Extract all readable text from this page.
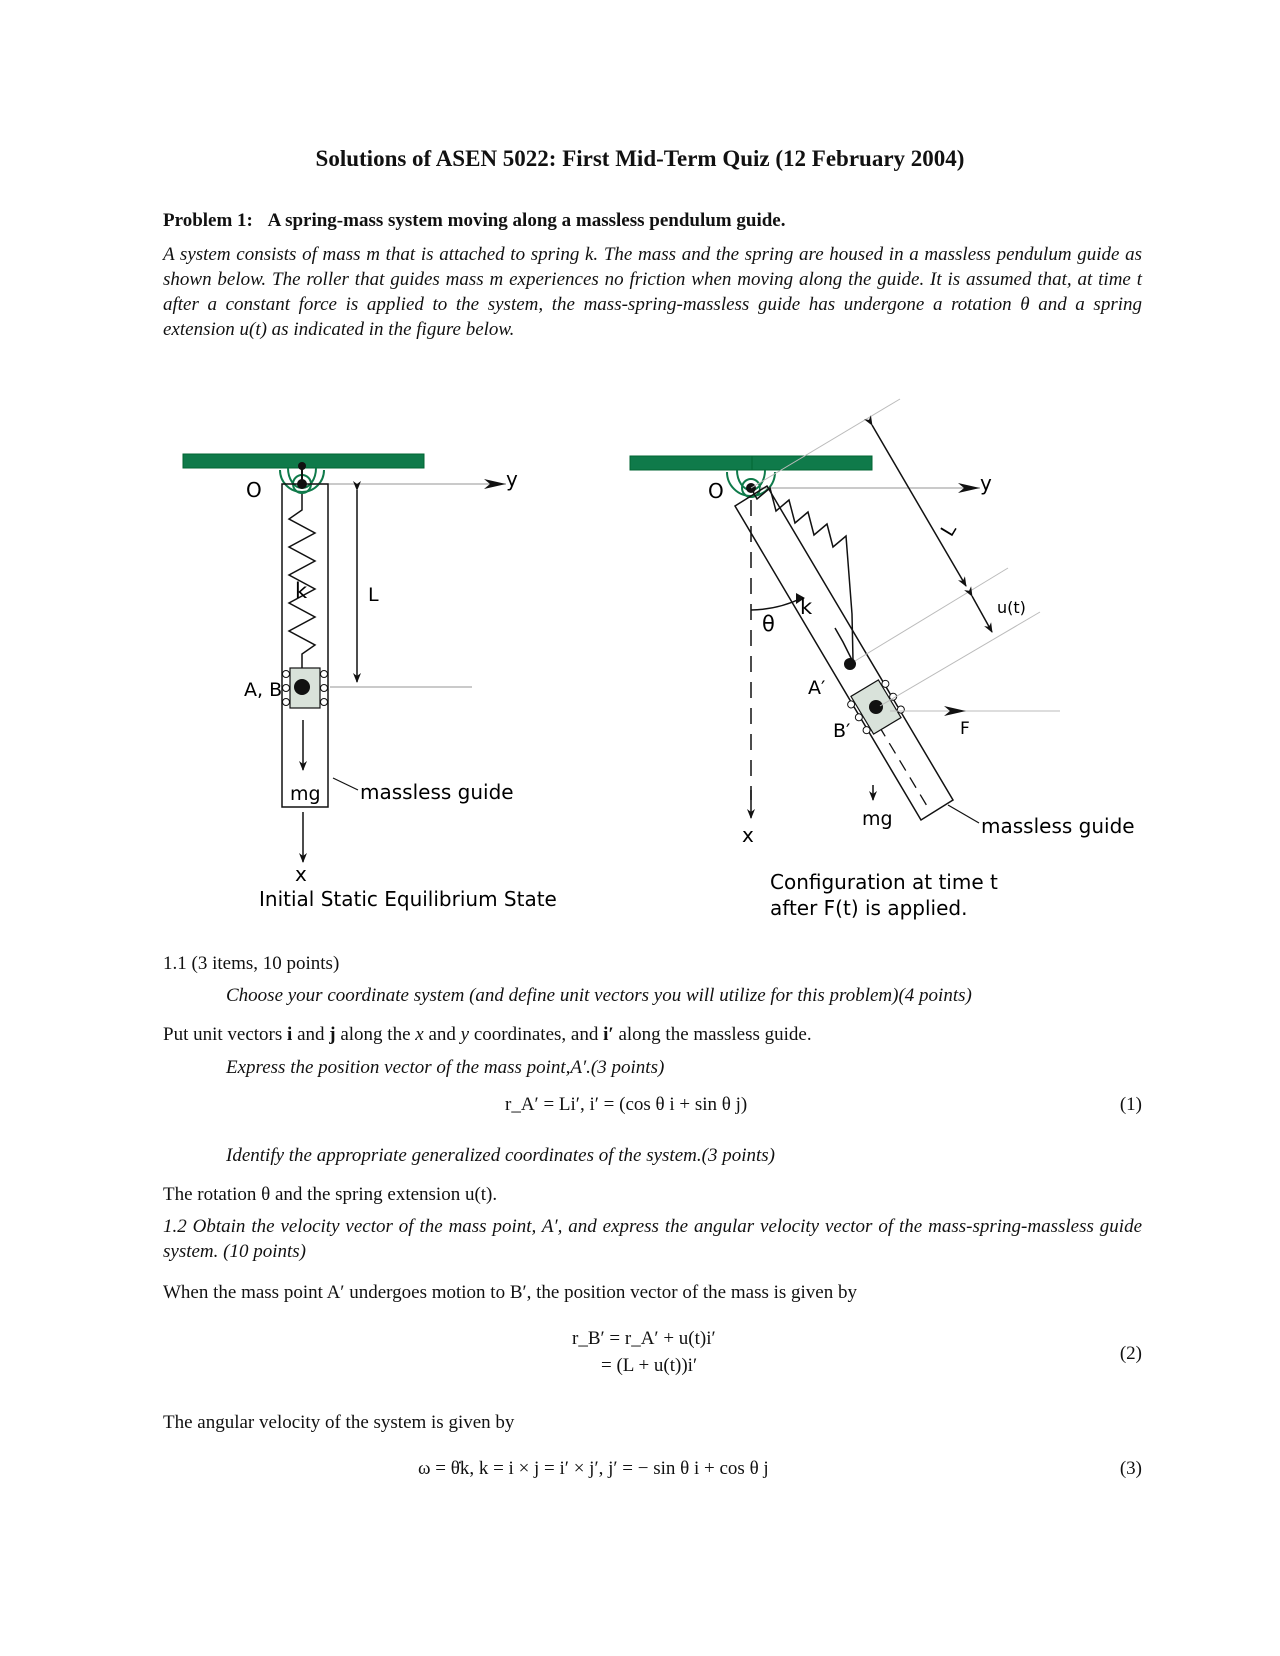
Solutions of ASEN 5022: First Mid-Term Quiz (12 February 2004)
Problem 1: A spring-mass system moving along a massless pendulum guide.
A system consists of mass m that is attached to spring k. The mass and the spring are housed in a massless pendulum guide as shown below. The roller that guides mass m experiences no friction when moving along the guide. It is assumed that, at time t after a constant force is applied to the system, the mass-spring-massless guide has undergone a rotation θ and a spring extension u(t) as indicated in the figure below.
O	y
k	L
A, B
mg massless guide
x
Initial Static Equilibrium State
O	y
k
L
u(t)
θ
A′
B′	F
mg
x	massless guide
Configuration at time t
after F(t) is applied.
1.1 (3 items, 10 points)
Choose your coordinate system (and define unit vectors you will utilize for this problem)(4 points)
Put unit vectors i and j along the x and y coordinates, and i′ along the massless guide.
Express the position vector of the mass point,A′.(3 points)
r_A′ = Li′, i′ = (cos θ i + sin θ j)	(1)
Identify the appropriate generalized coordinates of the system.(3 points)
The rotation θ and the spring extension u(t).
1.2 Obtain the velocity vector of the mass point, A′, and express the angular velocity vector of the mass-spring-massless guide system. (10 points)
When the mass point A′ undergoes motion to B′, the position vector of the mass is given by
r_B′ = r_A′ + u(t)i′
= (L + u(t))i′
(2)
The angular velocity of the system is given by
ω = θ̇k, k = i × j = i′ × j′, j′ = − sin θ i + cos θ j	(3)
